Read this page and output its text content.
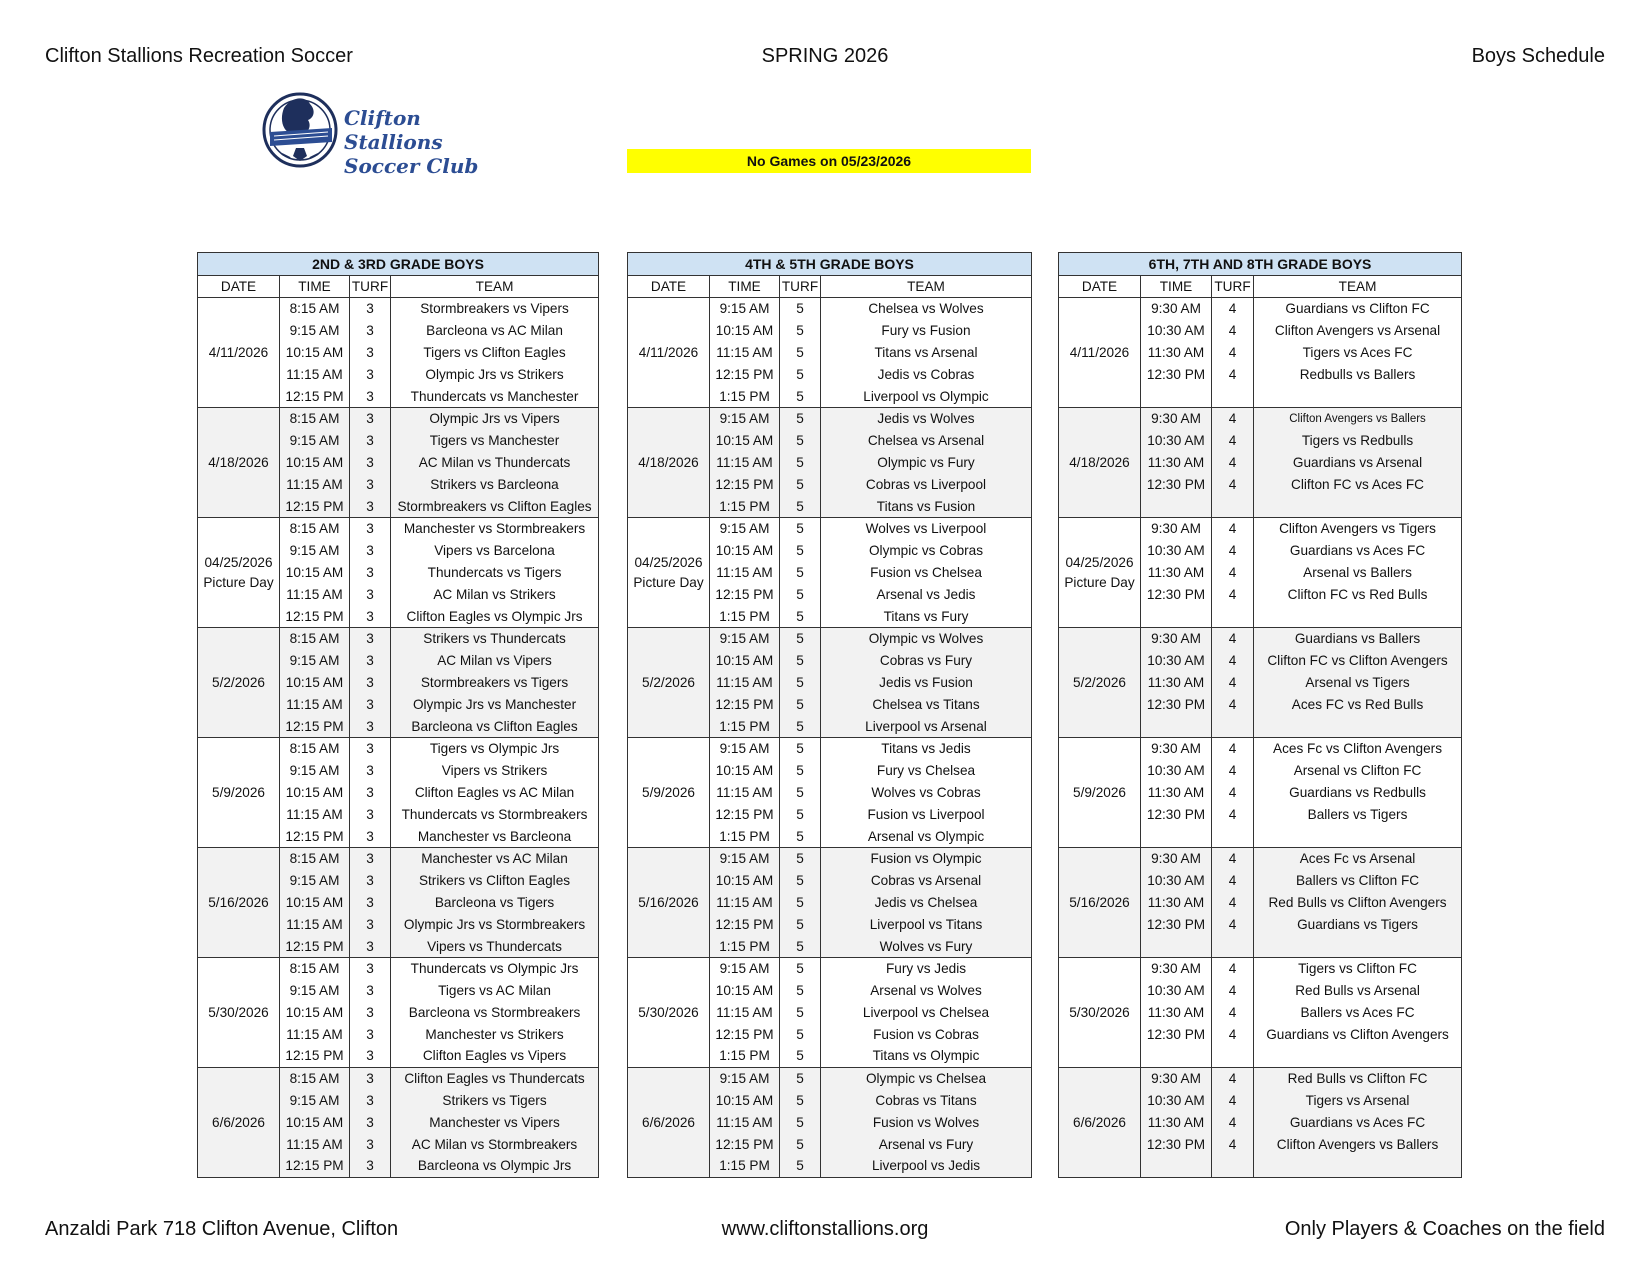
Clifton Stallions Recreation Soccer	SPRING 2026	Boys Schedule
Clifton Stallions
Soccer Club	No Games on 05/23/2026
2ND & 3RD GRADE BOYS			
DATE	TIME	TURF	TEAM
4/11/2026	8:15 AM	3	Stormbreakers vs Vipers
	9:15 AM	3	Barcleona vs AC Milan
	10:15 AM	3	Tigers vs Clifton Eagles
	11:15 AM	3	Olympic Jrs vs Strikers
	12:15 PM	3	Thundercats vs Manchester
4/18/2026	8:15 AM	3	Olympic Jrs vs Vipers
	9:15 AM	3	Tigers vs Manchester
	10:15 AM	3	AC Milan vs Thundercats
	11:15 AM	3	Strikers vs Barcleona
	12:15 PM	3	Stormbreakers vs Clifton Eagles
04/25/2026
Picture Day	8:15 AM	3	Manchester vs Stormbreakers
	9:15 AM	3	Vipers vs Barcelona
	10:15 AM	3	Thundercats vs Tigers
	11:15 AM	3	AC Milan vs Strikers
	12:15 PM	3	Clifton Eagles vs Olympic Jrs
5/2/2026	8:15 AM	3	Strikers vs Thundercats
	9:15 AM	3	AC Milan vs Vipers
	10:15 AM	3	Stormbreakers vs Tigers
	11:15 AM	3	Olympic Jrs vs Manchester
	12:15 PM	3	Barcleona vs Clifton Eagles
5/9/2026	8:15 AM	3	Tigers vs Olympic Jrs
	9:15 AM	3	Vipers vs Strikers
	10:15 AM	3	Clifton Eagles vs AC Milan
	11:15 AM	3	Thundercats vs Stormbreakers
	12:15 PM	3	Manchester vs Barcleona
5/16/2026	8:15 AM	3	Manchester vs AC Milan
	9:15 AM	3	Strikers vs Clifton Eagles
	10:15 AM	3	Barcleona vs Tigers
	11:15 AM	3	Olympic Jrs vs Stormbreakers
	12:15 PM	3	Vipers vs Thundercats
5/30/2026	8:15 AM	3	Thundercats vs Olympic Jrs
	9:15 AM	3	Tigers vs AC Milan
	10:15 AM	3	Barcleona vs Stormbreakers
	11:15 AM	3	Manchester vs Strikers
	12:15 PM	3	Clifton Eagles vs Vipers
6/6/2026	8:15 AM	3	Clifton Eagles vs Thundercats
	9:15 AM	3	Strikers vs Tigers
	10:15 AM	3	Manchester vs Vipers
	11:15 AM	3	AC Milan vs Stormbreakers
	12:15 PM	3	Barcleona vs Olympic Jrs
4TH & 5TH GRADE BOYS			
DATE	TIME	TURF	TEAM
4/11/2026	9:15 AM	5	Chelsea vs Wolves
	10:15 AM	5	Fury vs Fusion
	11:15 AM	5	Titans vs Arsenal
	12:15 PM	5	Jedis vs Cobras
	1:15 PM	5	Liverpool vs Olympic
4/18/2026	9:15 AM	5	Jedis vs Wolves
	10:15 AM	5	Chelsea vs Arsenal
	11:15 AM	5	Olympic vs Fury
	12:15 PM	5	Cobras vs Liverpool
	1:15 PM	5	Titans vs Fusion
04/25/2026
Picture Day	9:15 AM	5	Wolves vs Liverpool
	10:15 AM	5	Olympic vs Cobras
	11:15 AM	5	Fusion vs Chelsea
	12:15 PM	5	Arsenal vs Jedis
	1:15 PM	5	Titans vs Fury
5/2/2026	9:15 AM	5	Olympic vs Wolves
	10:15 AM	5	Cobras vs Fury
	11:15 AM	5	Jedis vs Fusion
	12:15 PM	5	Chelsea vs Titans
	1:15 PM	5	Liverpool vs Arsenal
5/9/2026	9:15 AM	5	Titans vs Jedis
	10:15 AM	5	Fury vs Chelsea
	11:15 AM	5	Wolves vs Cobras
	12:15 PM	5	Fusion vs Liverpool
	1:15 PM	5	Arsenal vs Olympic
5/16/2026	9:15 AM	5	Fusion vs Olympic
	10:15 AM	5	Cobras vs Arsenal
	11:15 AM	5	Jedis vs Chelsea
	12:15 PM	5	Liverpool vs Titans
	1:15 PM	5	Wolves vs Fury
5/30/2026	9:15 AM	5	Fury vs Jedis
	10:15 AM	5	Arsenal vs Wolves
	11:15 AM	5	Liverpool vs Chelsea
	12:15 PM	5	Fusion vs Cobras
	1:15 PM	5	Titans vs Olympic
6/6/2026	9:15 AM	5	Olympic vs Chelsea
	10:15 AM	5	Cobras vs Titans
	11:15 AM	5	Fusion vs Wolves
	12:15 PM	5	Arsenal vs Fury
	1:15 PM	5	Liverpool vs Jedis
6TH, 7TH AND 8TH GRADE BOYS			
DATE	TIME	TURF	TEAM
4/11/2026	9:30 AM	4	Guardians vs Clifton FC
	10:30 AM	4	Clifton Avengers vs Arsenal
	11:30 AM	4	Tigers vs Aces FC
	12:30 PM	4	Redbulls vs Ballers

4/18/2026	9:30 AM	4	Clifton Avengers vs Ballers
	10:30 AM	4	Tigers vs Redbulls
	11:30 AM	4	Guardians vs Arsenal
	12:30 PM	4	Clifton FC vs Aces FC

04/25/2026
Picture Day	9:30 AM	4	Clifton Avengers vs Tigers
	10:30 AM	4	Guardians vs Aces FC
	11:30 AM	4	Arsenal vs Ballers
	12:30 PM	4	Clifton FC vs Red Bulls

5/2/2026	9:30 AM	4	Guardians vs Ballers
	10:30 AM	4	Clifton FC vs Clifton Avengers
	11:30 AM	4	Arsenal vs Tigers
	12:30 PM	4	Aces FC vs Red Bulls

5/9/2026	9:30 AM	4	Aces Fc vs Clifton Avengers
	10:30 AM	4	Arsenal vs Clifton FC
	11:30 AM	4	Guardians vs Redbulls
	12:30 PM	4	Ballers vs Tigers

5/16/2026	9:30 AM	4	Aces Fc vs Arsenal
	10:30 AM	4	Ballers vs Clifton FC
	11:30 AM	4	Red Bulls vs Clifton Avengers
	12:30 PM	4	Guardians vs Tigers

5/30/2026	9:30 AM	4	Tigers vs Clifton FC
	10:30 AM	4	Red Bulls vs Arsenal
	11:30 AM	4	Ballers vs Aces FC
	12:30 PM	4	Guardians vs Clifton Avengers

6/6/2026	9:30 AM	4	Red Bulls vs Clifton FC
	10:30 AM	4	Tigers vs Arsenal
	11:30 AM	4	Guardians vs Aces FC
	12:30 PM	4	Clifton Avengers vs Ballers

Anzaldi Park 718 Clifton Avenue, Clifton	www.cliftonstallions.org	Only Players & Coaches on the field
